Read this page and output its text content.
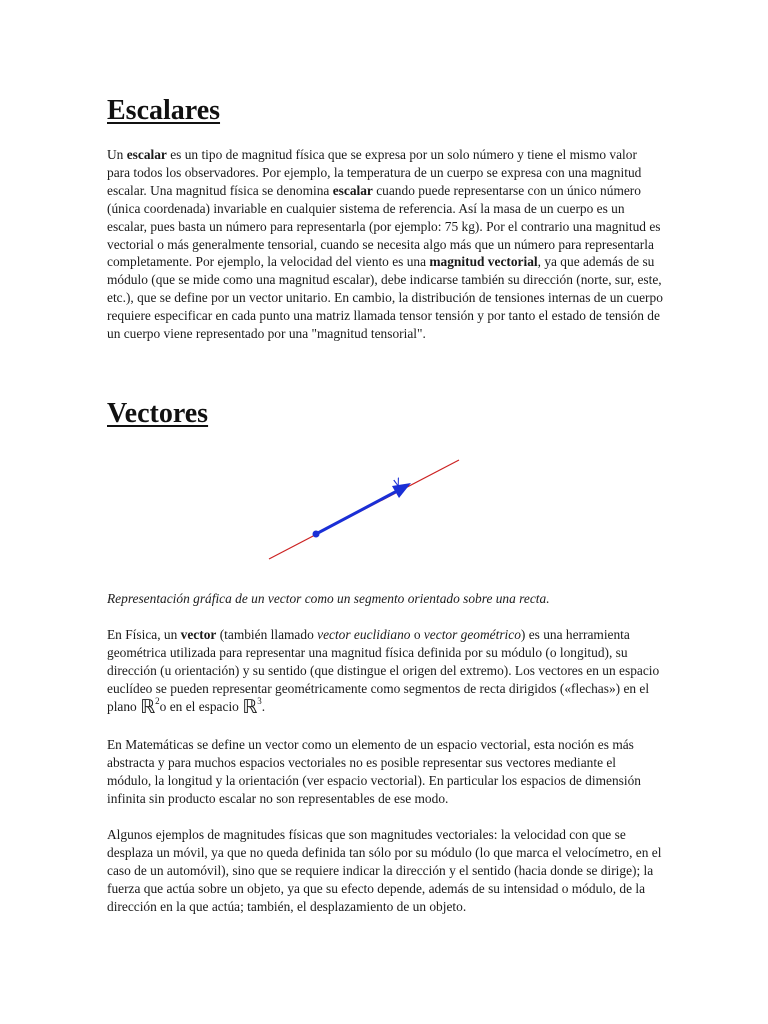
Escalares

Un escalar es un tipo de magnitud física que se expresa por un solo número y tiene el mismo valor para todos los observadores. Por ejemplo, la temperatura de un cuerpo se expresa con una magnitud escalar. Una magnitud física se denomina escalar cuando puede representarse con un único número (única coordenada) invariable en cualquier sistema de referencia. Así la masa de un cuerpo es un escalar, pues basta un número para representarla (por ejemplo: 75 kg). Por el contrario una magnitud es vectorial o más generalmente tensorial, cuando se necesita algo más que un número para representarla completamente. Por ejemplo, la velocidad del viento es una magnitud vectorial, ya que además de su módulo (que se mide como una magnitud escalar), debe indicarse también su dirección (norte, sur, este, etc.), que se define por un vector unitario. En cambio, la distribución de tensiones internas de un cuerpo requiere especificar en cada punto una matriz llamada tensor tensión y por tanto el estado de tensión de un cuerpo viene representado por una "magnitud tensorial".

Vectores
v

Representación gráfica de un vector como un segmento orientado sobre una recta.

En Física, un vector (también llamado vector euclidiano o vector geométrico) es una herramienta geométrica utilizada para representar una magnitud física definida por su módulo (o longitud), su dirección (u orientación) y su sentido (que distingue el origen del extremo). Los vectores en un espacio euclídeo se pueden representar geométricamente como segmentos de recta dirigidos («flechas») en el plano ℝ$^2$o en el espacio ℝ$^3$.

En Matemáticas se define un vector como un elemento de un espacio vectorial, esta noción es más abstracta y para muchos espacios vectoriales no es posible representar sus vectores mediante el módulo, la longitud y la orientación (ver espacio vectorial). En particular los espacios de dimensión infinita sin producto escalar no son representables de ese modo.

Algunos ejemplos de magnitudes físicas que son magnitudes vectoriales: la velocidad con que se desplaza un móvil, ya que no queda definida tan sólo por su módulo (lo que marca el velocímetro, en el caso de un automóvil), sino que se requiere indicar la dirección y el sentido (hacia donde se dirige); la fuerza que actúa sobre un objeto, ya que su efecto depende, además de su intensidad o módulo, de la dirección en la que actúa; también, el desplazamiento de un objeto.
